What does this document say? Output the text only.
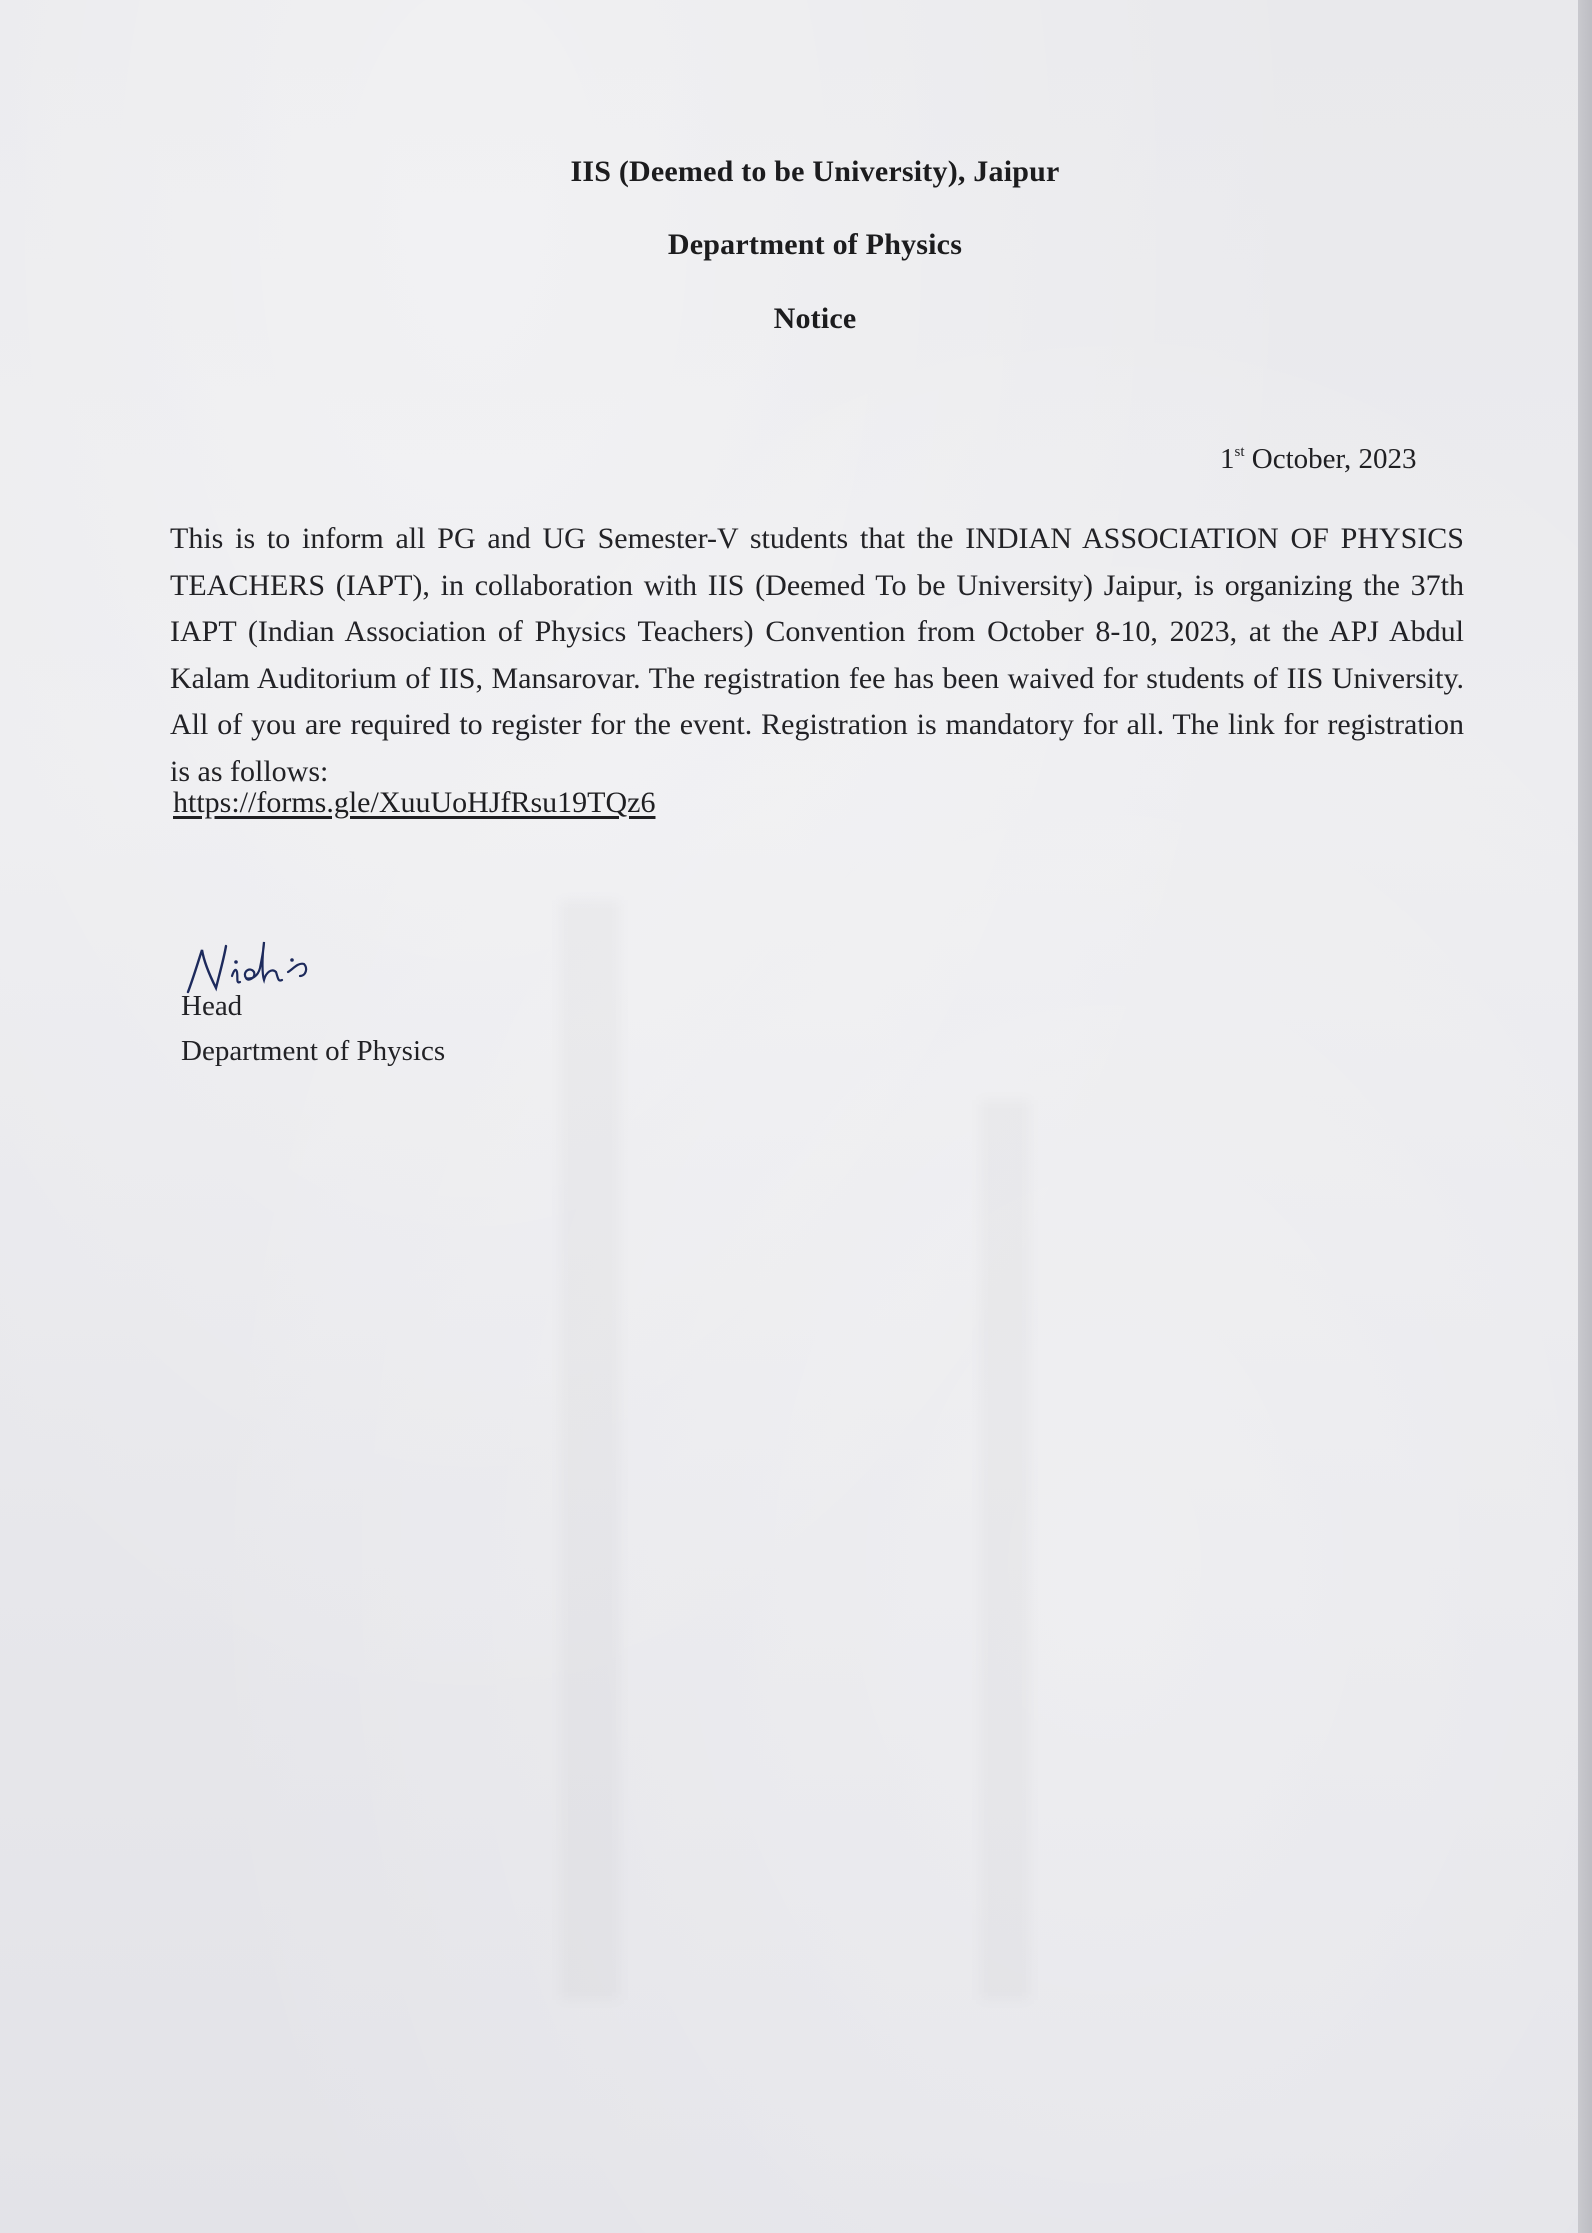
IIS (Deemed to be University), Jaipur
Department of Physics
Notice
1st October, 2023

This is to inform all PG and UG Semester-V students that the INDIAN ASSOCIATION OF PHYSICS TEACHERS (IAPT), in collaboration with IIS (Deemed To be University) Jaipur, is organizing the 37th IAPT (Indian Association of Physics Teachers) Convention from October 8-10, 2023, at the APJ Abdul Kalam Auditorium of IIS, Mansarovar. The registration fee has been waived for students of IIS University. All of you are required to register for the event. Registration is mandatory for all. The link for registration is as follows:

https://forms.gle/XuuUoHJfRsu19TQz6
Head
Department of Physics
